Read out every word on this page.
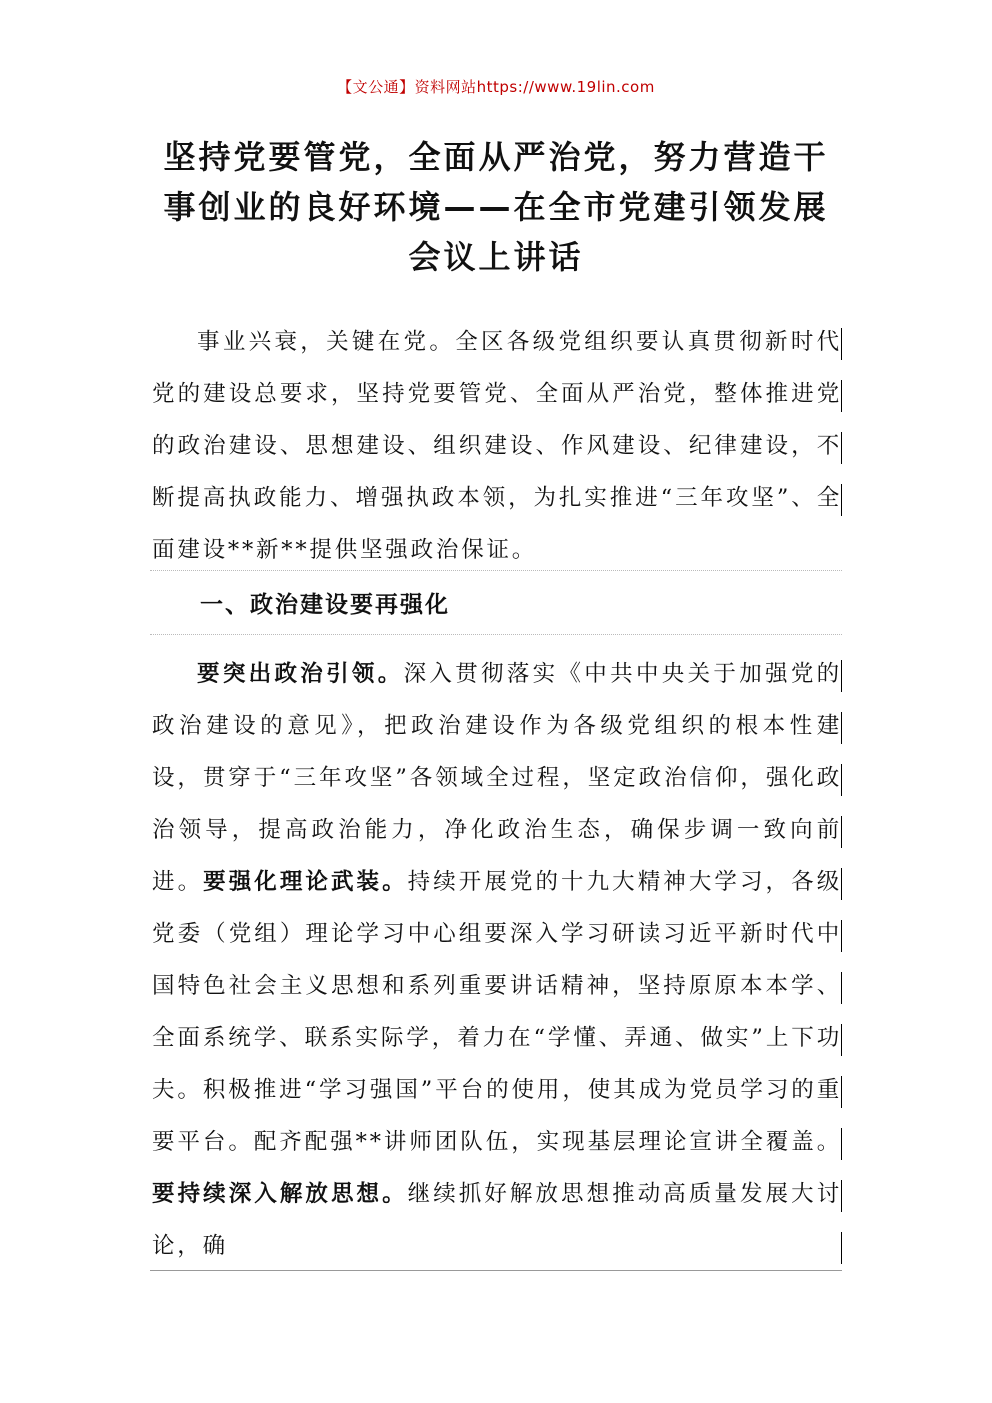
【文公通】资料网站https://www.19lin.com
坚持党要管党，全面从严治党，努力营造干事创业的良好环境——在全市党建引领发展会议上讲话

事业兴衰，关键在党。全区各级党组织要认真贯彻新时代党的建设总要求，坚持党要管党、全面从严治党，整体推进党的政治建设、思想建设、组织建设、作风建设、纪律建设，不断提高执政能力、增强执政本领，为扎实推进“三年攻坚”、全面建设**新**提供坚强政治保证。

一、政治建设要再强化

要突出政治引领。深入贯彻落实《中共中央关于加强党的政治建设的意见》，把政治建设作为各级党组织的根本性建设，贯穿于“三年攻坚”各领域全过程，坚定政治信仰，强化政治领导，提高政治能力，净化政治生态，确保步调一致向前进。要强化理论武装。持续开展党的十九大精神大学习，各级党委（党组）理论学习中心组要深入学习研读习近平新时代中国特色社会主义思想和系列重要讲话精神，坚持原原本本学、全面系统学、联系实际学，着力在“学懂、弄通、做实”上下功夫。积极推进“学习强国”平台的使用，使其成为党员学习的重要平台。配齐配强**讲师团队伍，实现基层理论宣讲全覆盖。要持续深入解放思想。继续抓好解放思想推动高质量发展大讨论，确
